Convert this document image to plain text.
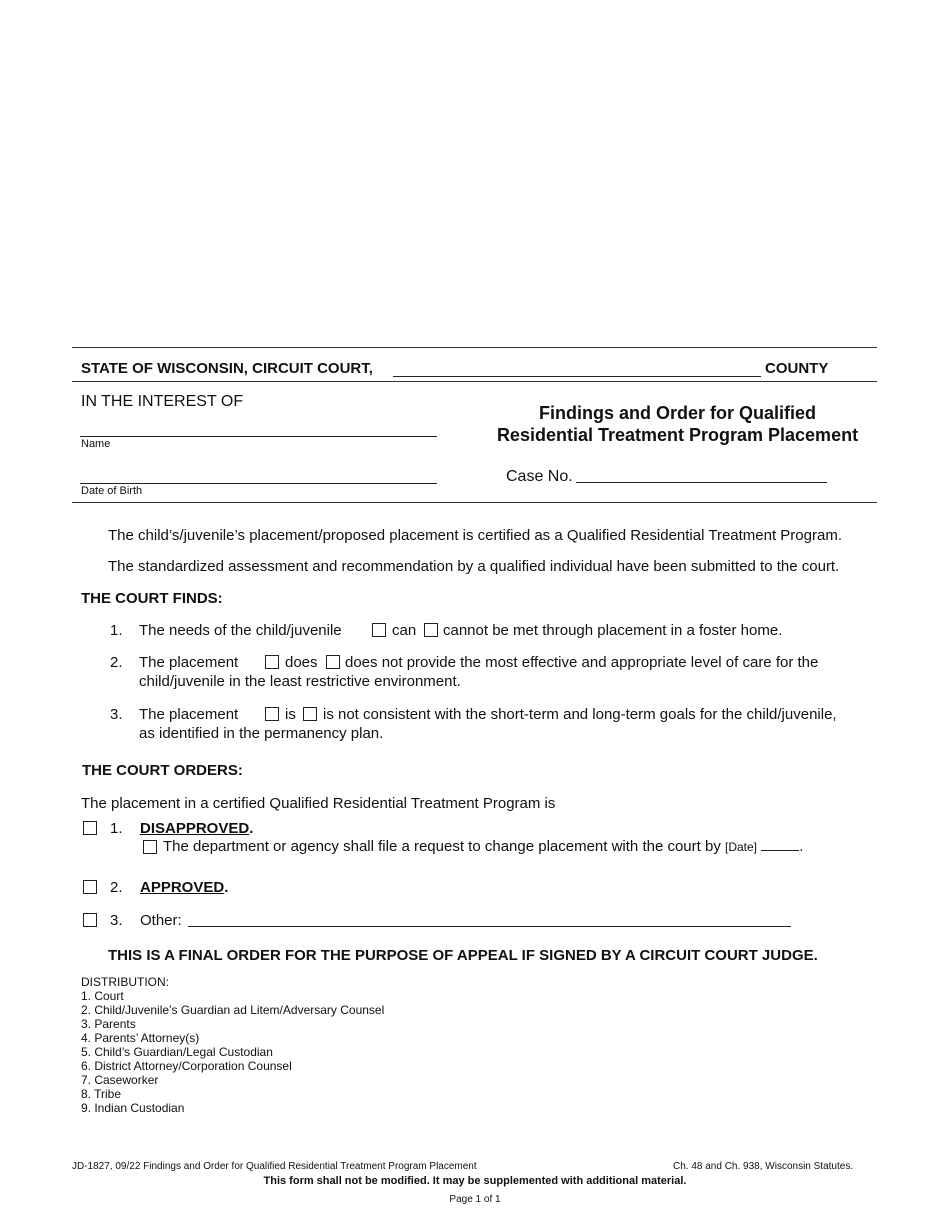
STATE OF WISCONSIN, CIRCUIT COURT,	COUNTY
IN THE INTEREST OF
Name
Date of Birth
Findings and Order for Qualified
Residential Treatment Program Placement
Case No.
The child’s/juvenile’s placement/proposed placement is certified as a Qualified Residential Treatment Program.
The standardized assessment and recommendation by a qualified individual have been submitted to the court.
THE COURT FINDS:
1. The needs of the child/juvenile	can cannot be met through placement in a foster home.
2. The placement	does does not provide the most effective and appropriate level of care for the
child/juvenile in the least restrictive environment.
3. The placement	is is not consistent with the short-term and long-term goals for the child/juvenile,
as identified in the permanency plan.
THE COURT ORDERS:
The placement in a certified Qualified Residential Treatment Program is
1. DISAPPROVED.
The department or agency shall file a request to change placement with the court by [Date]	.
2. APPROVED.
3. Other:
THIS IS A FINAL ORDER FOR THE PURPOSE OF APPEAL IF SIGNED BY A CIRCUIT COURT JUDGE.
DISTRIBUTION:
1. Court
2. Child/Juvenile’s Guardian ad Litem/Adversary Counsel
3. Parents
4. Parents’ Attorney(s)
5. Child’s Guardian/Legal Custodian
6. District Attorney/Corporation Counsel
7. Caseworker
8. Tribe
9. Indian Custodian
JD-1827, 09/22 Findings and Order for Qualified Residential Treatment Program Placement	Ch. 48 and Ch. 938, Wisconsin Statutes.
This form shall not be modified. It may be supplemented with additional material.
Page 1 of 1
